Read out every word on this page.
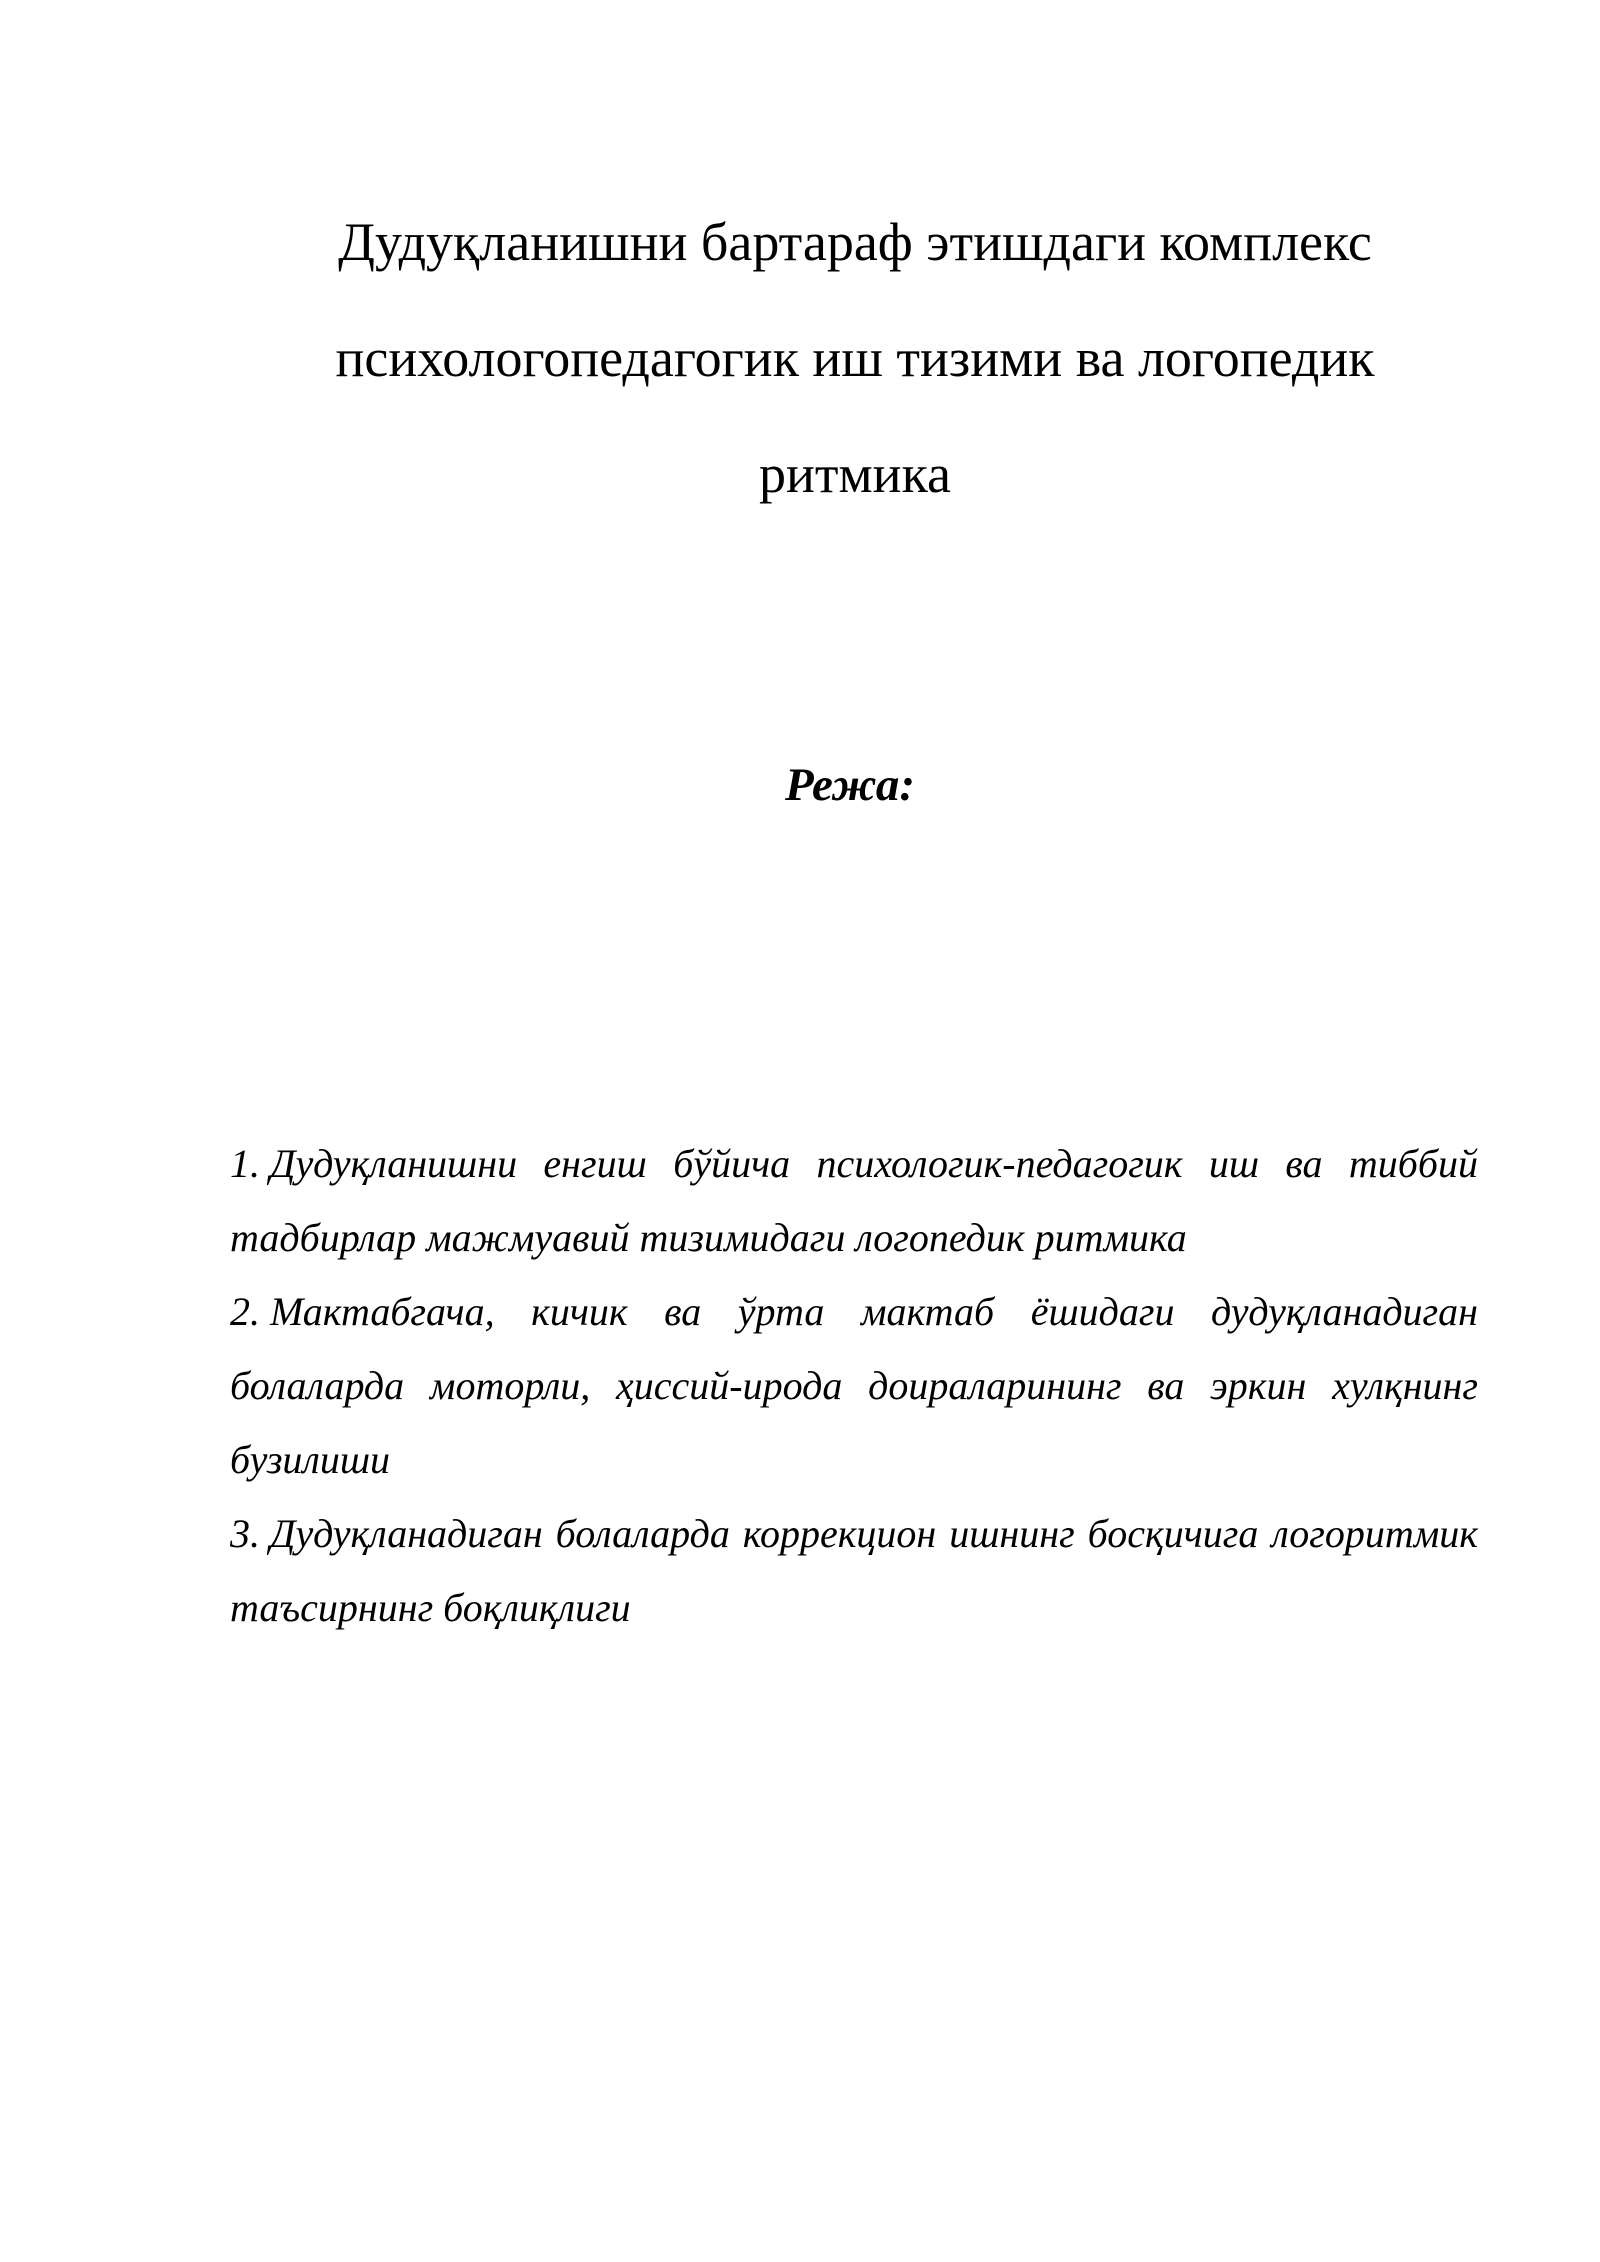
Дудуқланишни бартараф этишдаги комплекс
психологопедагогик иш тизими ва логопедик
ритмика
Режа:
1. Дудуқланишни енгиш бўйича психологик-педагогик иш ва тиббий тадбирлар мажмуавий тизимидаги логопедик ритмика
2. Мактабгача, кичик ва ўрта мактаб ёшидаги дудуқланадиган болаларда моторли, ҳиссий-ирода доираларининг ва эркин хулқнинг бузилиши
3. Дудуқланадиган болаларда коррекцион ишнинг босқичига логоритмик таъсирнинг боқлиқлиги
